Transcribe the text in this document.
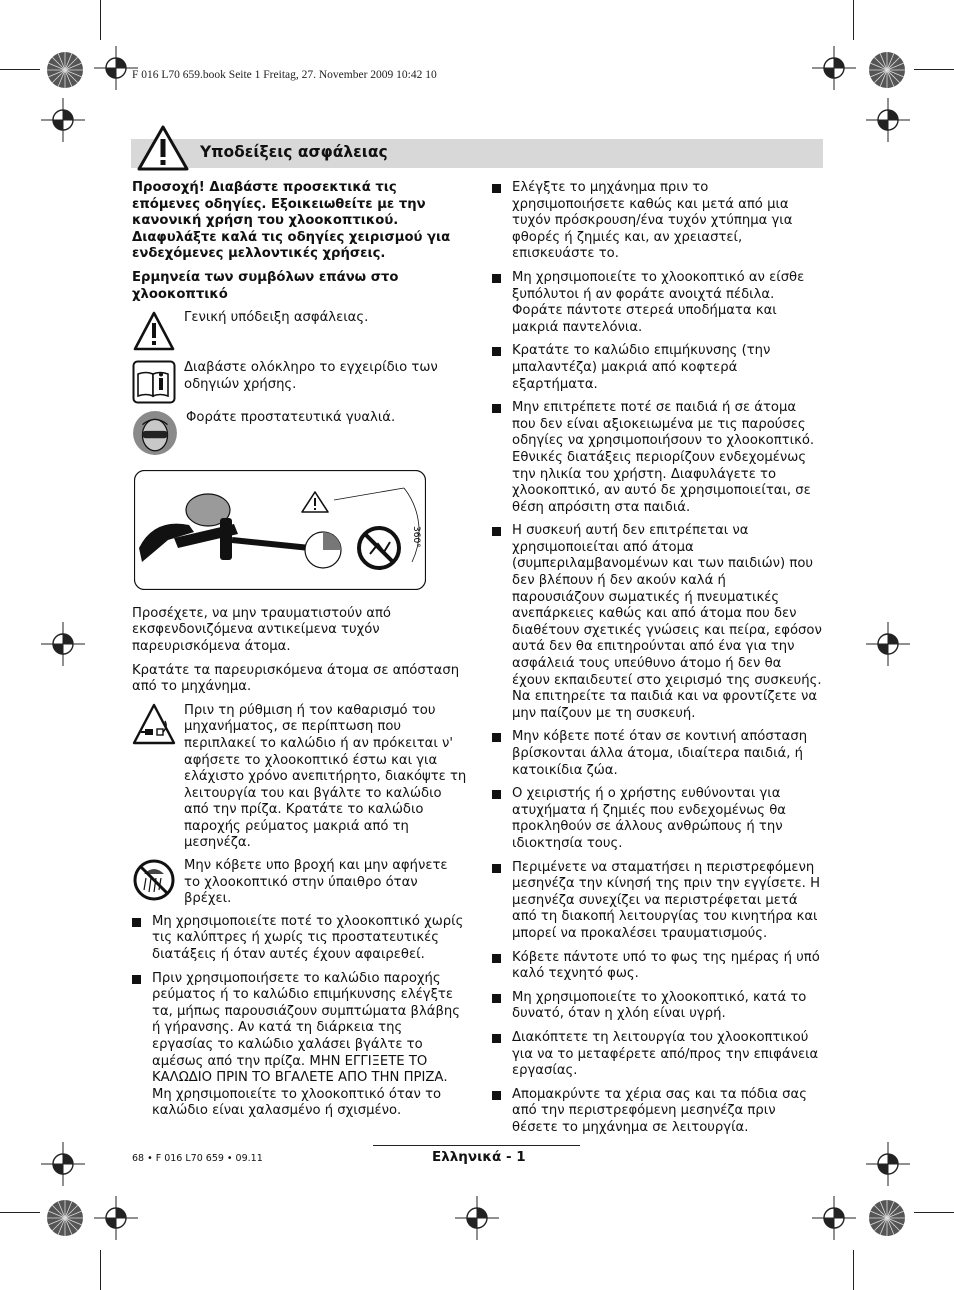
F 016 L70 659.book Seite 1 Freitag, 27. November 2009 10:42 10
Υποδείξεις ασφάλειας

Προσοχή! Διαβάστε προσεκτικά τις επόμενες οδηγίες. Εξοικειωθείτε με την κανονική χρήση του χλοοκοπτικού. Διαφυλάξτε καλά τις οδηγίες χειρισμού για ενδεχόμενες μελλοντικές χρήσεις.

Ερμηνεία των συμβόλων επάνω στο χλοοκοπτικό

Γενική υπόδειξη ασφάλειας.
Διαβάστε ολόκληρο το εγχειρίδιο των οδηγιών χρήσης.
Φοράτε προστατευτικά γυαλιά.
360°

Προσέχετε, να μην τραυματιστούν από εκσφενδονιζόμενα αντικείμενα τυχόν παρευρισκόμενα άτομα.

Κρατάτε τα παρευρισκόμενα άτομα σε απόσταση από το μηχάνημα.

Πριν τη ρύθμιση ή τον καθαρισμό του μηχανήματος, σε περίπτωση που περιπλακεί το καλώδιο ή αν πρόκειται ν' αφήσετε το χλοοκοπτικό έστω και για ελάχιστο χρόνο ανεπιτήρητο, διακόψτε τη λειτουργία του και βγάλτε το καλώδιο από την πρίζα. Κρατάτε το καλώδιο παροχής ρεύματος μακριά από τη μεσηνέζα.
Μην κόβετε υπο βροχή και μην αφήνετε το χλοοκοπτικό στην ύπαιθρο όταν βρέχει.
Μη χρησιμοποιείτε ποτέ το χλοοκοπτικό χωρίς τις καλύπτρες ή χωρίς τις προστατευτικές διατάξεις ή όταν αυτές έχουν αφαιρεθεί.
Πριν χρησιμοποιήσετε το καλώδιο παροχής ρεύματος ή το καλώδιο επιμήκυνσης ελέγξτε τα, μήπως παρουσιάζουν συμπτώματα βλάβης ή γήρανσης. Αν κατά τη διάρκεια της εργασίας το καλώδιο χαλάσει βγάλτε το αμέσως από την πρίζα. ΜΗΝ ΕΓΓΙΞΕΤΕ ΤΟ ΚΑΛΩΔΙΟ ΠΡΙΝ ΤΟ ΒΓΑΛΕΤΕ ΑΠΟ ΤΗΝ ΠΡΙΖΑ. Μη χρησιμοποιείτε το χλοοκοπτικό όταν το καλώδιο είναι χαλασμένο ή σχισμένο.
Ελέγξτε το μηχάνημα πριν το χρησιμοποιήσετε καθώς και μετά από μια τυχόν πρόσκρουση/ένα τυχόν χτύπημα για φθορές ή ζημιές και, αν χρειαστεί, επισκευάστε το.
Μη χρησιμοποιείτε το χλοοκοπτικό αν είσθε ξυπόλυτοι ή αν φοράτε ανοιχτά πέδιλα. Φοράτε πάντοτε στερεά υποδήματα και μακριά παντελόνια.
Κρατάτε το καλώδιο επιμήκυνσης (την μπαλαντέζα) μακριά από κοφτερά εξαρτήματα.
Μην επιτρέπετε ποτέ σε παιδιά ή σε άτομα που δεν είναι αξιοκειωμένα με τις παρούσες οδηγίες να χρησιμοποιήσουν το χλοοκοπτικό. Εθνικές διατάξεις περιορίζουν ενδεχομένως την ηλικία του χρήστη. Διαφυλάγετε το χλοοκοπτικό, αν αυτό δε χρησιμοποιείται, σε θέση απρόσιτη στα παιδιά.
Η συσκευή αυτή δεν επιτρέπεται να χρησιμοποιείται από άτομα (συμπεριλαμβανομένων και των παιδιών) που δεν βλέπουν ή δεν ακούν καλά ή παρουσιάζουν σωματικές ή πνευματικές ανεπάρκειες καθώς και από άτομα που δεν διαθέτουν σχετικές γνώσεις και πείρα, εφόσον αυτά δεν θα επιτηρούνται από ένα για την ασφάλειά τους υπεύθυνο άτομο ή δεν θα έχουν εκπαιδευτεί στο χειρισμό της συσκευής.
Να επιτηρείτε τα παιδιά και να φροντίζετε να μην παίζουν με τη συσκευή.
Μην κόβετε ποτέ όταν σε κοντινή απόσταση βρίσκονται άλλα άτομα, ιδιαίτερα παιδιά, ή κατοικίδια ζώα.
Ο χειριστής ή ο χρήστης ευθύνονται για ατυχήματα ή ζημιές που ενδεχομένως θα προκληθούν σε άλλους ανθρώπους ή την ιδιοκτησία τους.
Περιμένετε να σταματήσει η περιστρεφόμενη μεσηνέζα την κίνησή της πριν την εγγίσετε. Η μεσηνέζα συνεχίζει να περιστρέφεται μετά από τη διακοπή λειτουργίας του κινητήρα και μπορεί να προκαλέσει τραυματισμούς.
Κόβετε πάντοτε υπό το φως της ημέρας ή υπό καλό τεχνητό φως.
Μη χρησιμοποιείτε το χλοοκοπτικό, κατά το δυνατό, όταν η χλόη είναι υγρή.
Διακόπτετε τη λειτουργία του χλοοκοπτικού για να το μεταφέρετε από/προς την επιφάνεια εργασίας.
Απομακρύντε τα χέρια σας και τα πόδια σας από την περιστρεφόμενη μεσηνέζα πριν θέσετε το μηχάνημα σε λειτουργία.
68 • F 016 L70 659 • 09.11	Ελληνικά - 1
